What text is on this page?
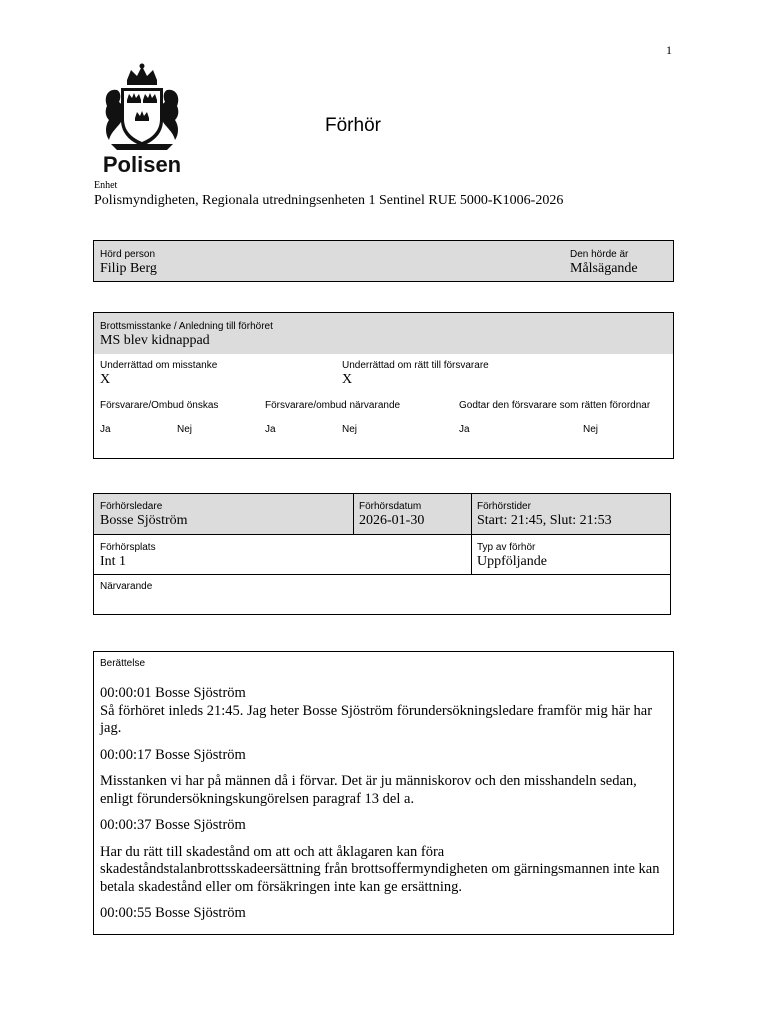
1
Polisen
Förhör
Enhet
Polismyndigheten, Regionala utredningsenheten 1 Sentinel RUE 5000-K1006-2026
Hörd person
Filip Berg
Den hörde är
Målsägande
Brottsmisstanke / Anledning till förhöret
MS blev kidnappad
Underrättad om misstanke
X
Underrättad om rätt till försvarare
X
Försvarare/Ombud önskas	Försvarare/ombud närvarande	Godtar den försvarare som rätten förordnar
Ja	Nej	Ja	Nej	Ja	Nej
Förhörsledare
Bosse Sjöström
Förhörsdatum
2026-01-30
Förhörstider
Start: 21:45, Slut: 21:53
Förhörsplats
Int 1
Typ av förhör
Uppföljande
Närvarande
Berättelse

00:00:01 Bosse Sjöström

Så förhöret inleds 21:45. Jag heter Bosse Sjöström förundersökningsledare framför mig här har jag.

00:00:17 Bosse Sjöström

Misstanken vi har på männen då i förvar. Det är ju människorov och den misshandeln sedan, enligt förundersökningskungörelsen paragraf 13 del a.

00:00:37 Bosse Sjöström

Har du rätt till skadestånd om att och att åklagaren kan föra skadeståndstalanbrottsskadeersättning från brottsoffermyndigheten om gärningsmannen inte kan betala skadestånd eller om försäkringen inte kan ge ersättning.

00:00:55 Bosse Sjöström
